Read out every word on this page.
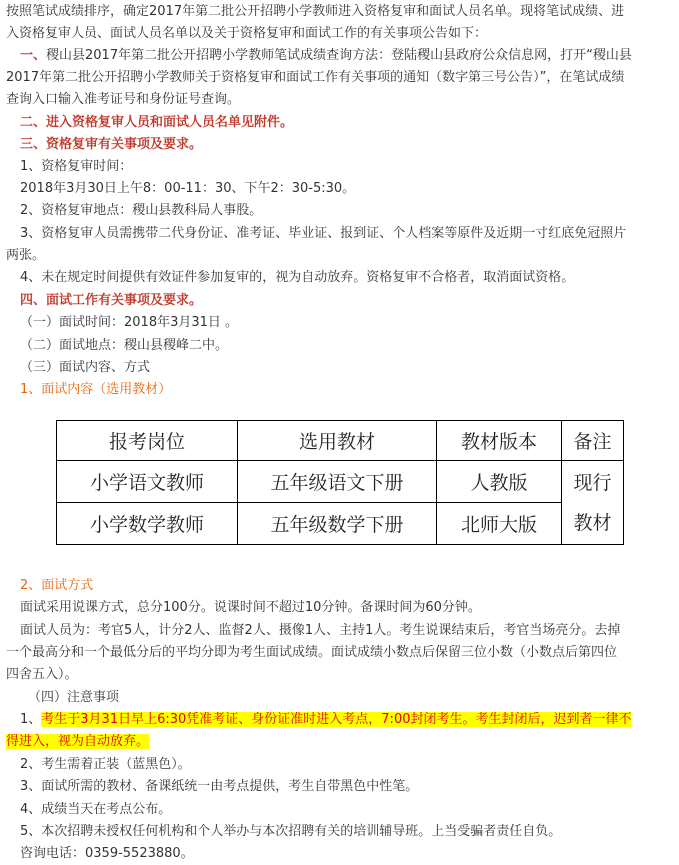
按照笔试成绩排序，确定2017年第二批公开招聘小学教师进入资格复审和面试人员名单。现将笔试成绩、进
入资格复审人员、面试人员名单以及关于资格复审和面试工作的有关事项公告如下：
一、稷山县2017年第二批公开招聘小学教师笔试成绩查询方法：登陆稷山县政府公众信息网，打开“稷山县
2017年第二批公开招聘小学教师关于资格复审和面试工作有关事项的通知（数字第三号公告）”，在笔试成绩
查询入口输入准考证号和身份证号查询。
二、进入资格复审人员和面试人员名单见附件。
三、资格复审有关事项及要求。
1、资格复审时间：
2018年3月30日上午8：00-11：30、下午2：30-5:30。
2、资格复审地点：稷山县教科局人事股。
3、资格复审人员需携带二代身份证、准考证、毕业证、报到证、个人档案等原件及近期一寸红底免冠照片
两张。
4、未在规定时间提供有效证件参加复审的，视为自动放弃。资格复审不合格者，取消面试资格。
四、面试工作有关事项及要求。
（一）面试时间：2018年3月31日 。
（二）面试地点：稷山县稷峰二中。
（三）面试内容、方式
1、面试内容（选用教材）
报考岗位	选用教材	教材版本	备注
小学语文教师	五年级语文下册	人教版	现行
教材

小学数学教师	五年级数学下册	北师大版	
2、面试方式
面试采用说课方式，总分100分。说课时间不超过10分钟。备课时间为60分钟。
面试人员为：考官5人，计分2人、监督2人、摄像1人、主持1人。考生说课结束后，考官当场亮分。去掉
一个最高分和一个最低分后的平均分即为考生面试成绩。面试成绩小数点后保留三位小数（小数点后第四位
四舍五入）。
（四）注意事项
1、考生于3月31日早上6:30凭准考证、身份证准时进入考点，7:00封闭考生。考生封闭后，迟到者一律不
得进入，视为自动放弃。
2、考生需着正装（蓝黑色）。
3、面试所需的教材、备课纸统一由考点提供，考生自带黑色中性笔。
4、成绩当天在考点公布。
5、本次招聘未授权任何机构和个人举办与本次招聘有关的培训辅导班。上当受骗者责任自负。
咨询电话：0359-5523880。
